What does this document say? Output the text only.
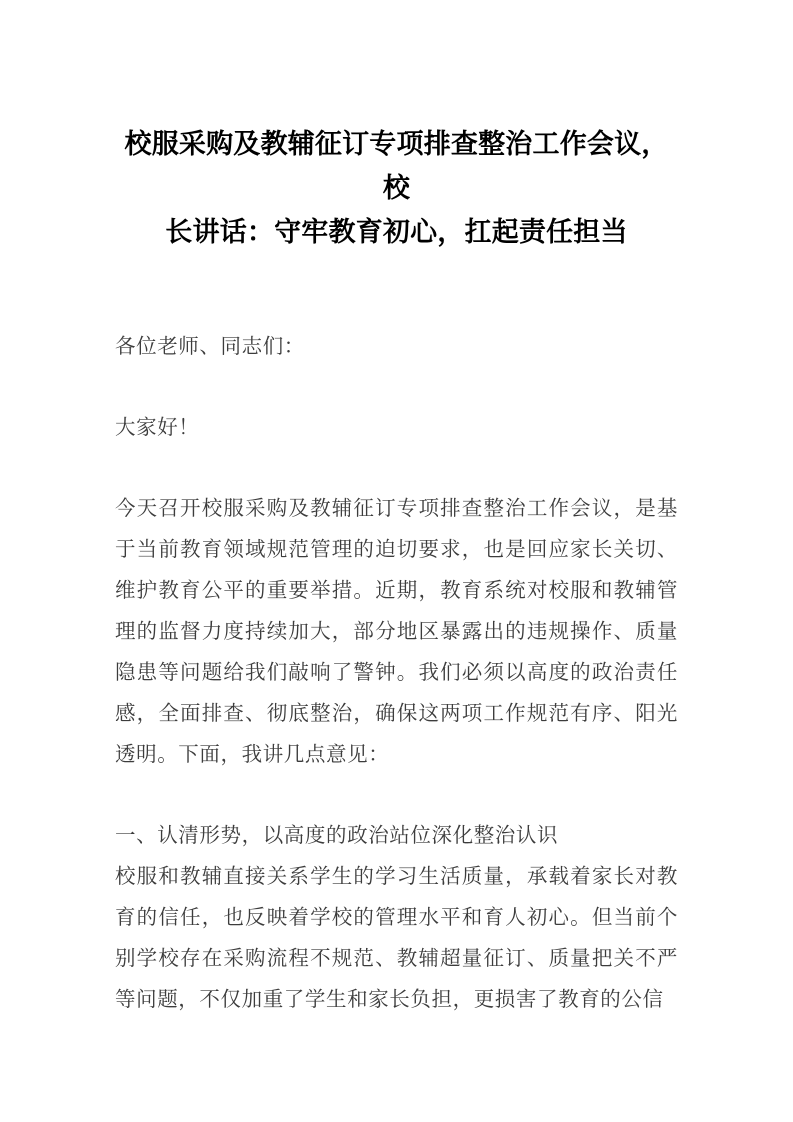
校服采购及教辅征订专项排查整治工作会议，校
长讲话：守牢教育初心，扛起责任担当

各位老师、同志们：

大家好！

今天召开校服采购及教辅征订专项排查整治工作会议，是基于当前教育领域规范管理的迫切要求，也是回应家长关切、维护教育公平的重要举措。近期，教育系统对校服和教辅管理的监督力度持续加大，部分地区暴露出的违规操作、质量隐患等问题给我们敲响了警钟。我们必须以高度的政治责任感，全面排查、彻底整治，确保这两项工作规范有序、阳光透明。下面，我讲几点意见：

一、认清形势，以高度的政治站位深化整治认识

校服和教辅直接关系学生的学习生活质量，承载着家长对教育的信任，也反映着学校的管理水平和育人初心。但当前个别学校存在采购流程不规范、教辅超量征订、质量把关不严等问题，不仅加重了学生和家长负担，更损害了教育的公信
